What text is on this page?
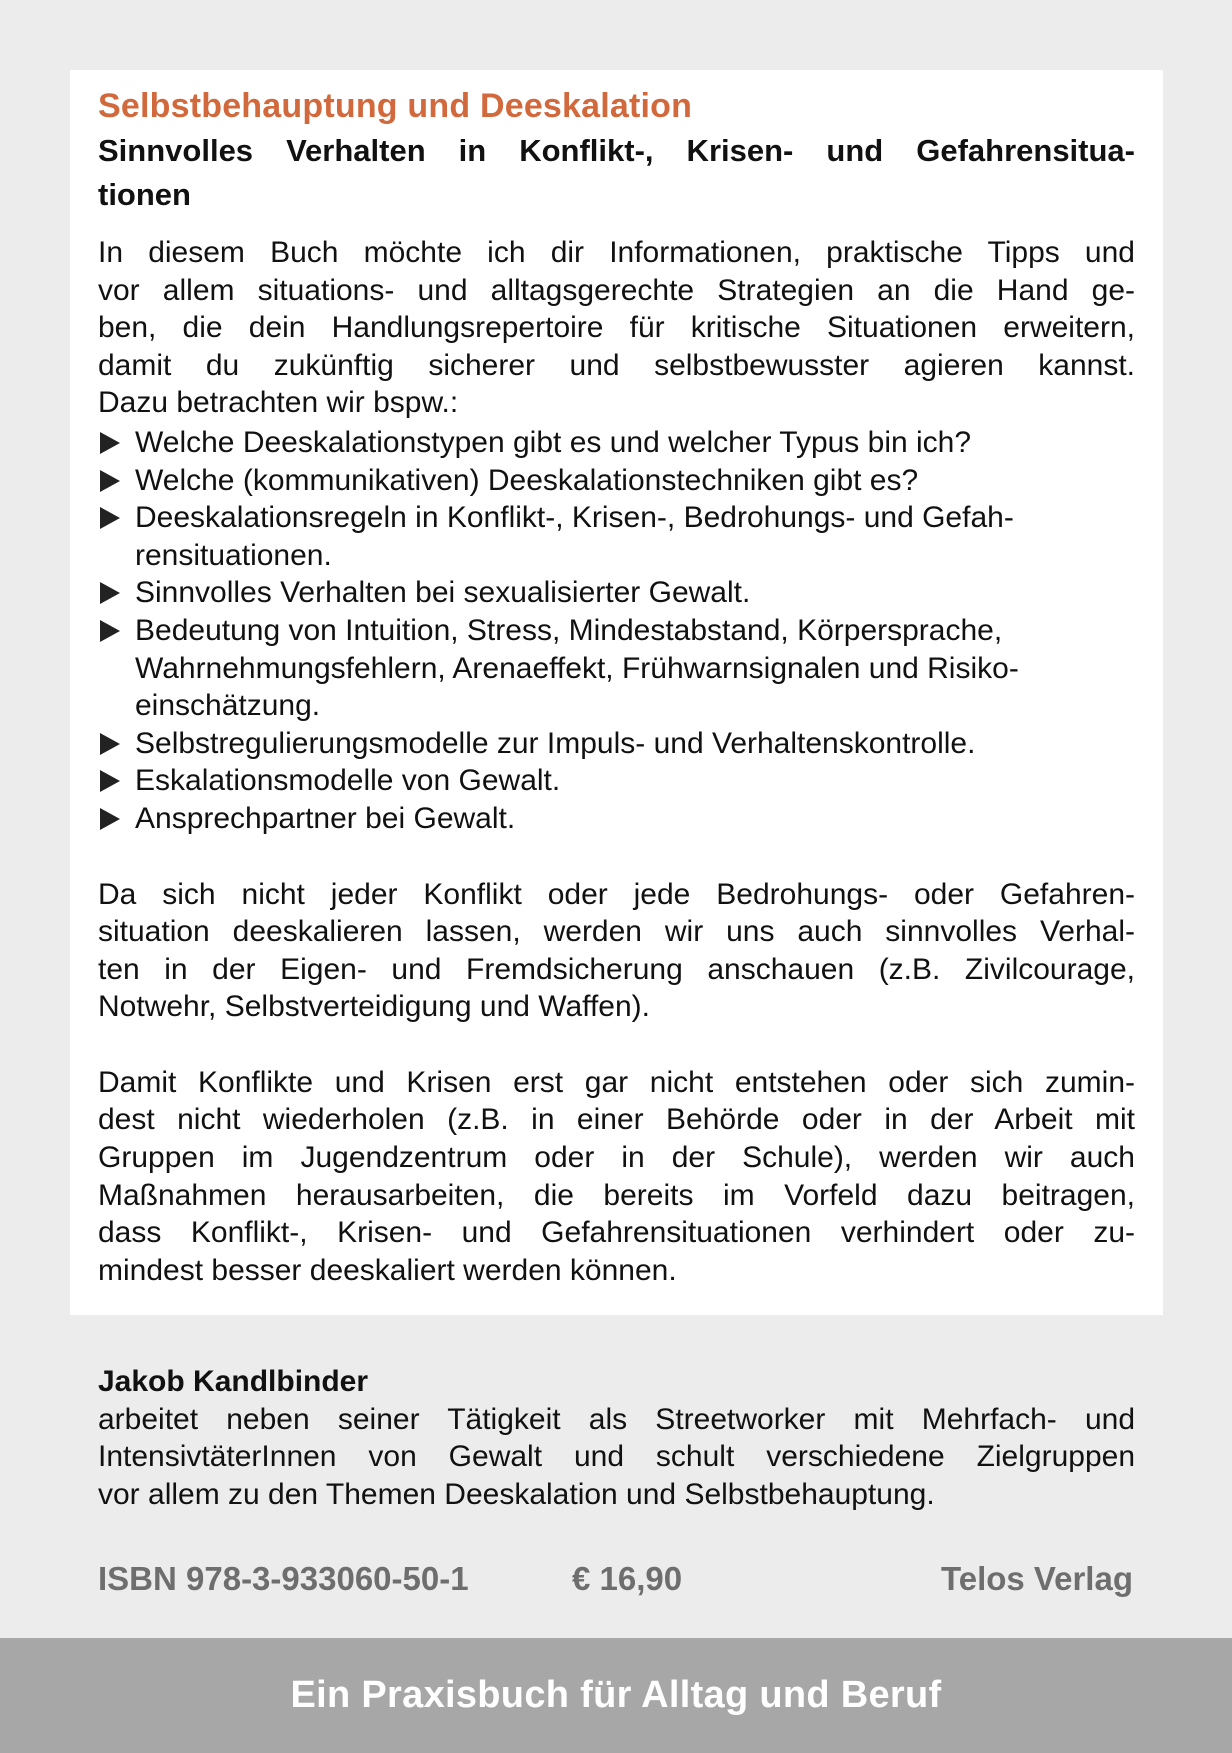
Selbstbehauptung und Deeskalation
Sinnvolles Verhalten in Konflikt-, Krisen- und Gefahrensitua-
tionen
In diesem Buch möchte ich dir Informationen, praktische Tipps und
vor allem situations- und alltagsgerechte Strategien an die Hand ge-
ben, die dein Handlungsrepertoire für kritische Situationen erweitern,
damit du zukünftig sicherer und selbstbewusster agieren kannst.
Dazu betrachten wir bspw.:
Welche Deeskalationstypen gibt es und welcher Typus bin ich?
Welche (kommunikativen) Deeskalationstechniken gibt es?
Deeskalationsregeln in Konflikt-, Krisen-, Bedrohungs- und Gefah-
rensituationen.
Sinnvolles Verhalten bei sexualisierter Gewalt.
Bedeutung von Intuition, Stress, Mindestabstand, Körpersprache,
Wahrnehmungsfehlern, Arenaeffekt, Frühwarnsignalen und Risiko-
einschätzung.
Selbstregulierungsmodelle zur Impuls- und Verhaltenskontrolle.
Eskalationsmodelle von Gewalt.
Ansprechpartner bei Gewalt.
Da sich nicht jeder Konflikt oder jede Bedrohungs- oder Gefahren-
situation deeskalieren lassen, werden wir uns auch sinnvolles Verhal-
ten in der Eigen- und Fremdsicherung anschauen (z.B. Zivilcourage,
Notwehr, Selbstverteidigung und Waffen).
Damit Konflikte und Krisen erst gar nicht entstehen oder sich zumin-
dest nicht wiederholen (z.B. in einer Behörde oder in der Arbeit mit
Gruppen im Jugendzentrum oder in der Schule), werden wir auch
Maßnahmen herausarbeiten, die bereits im Vorfeld dazu beitragen,
dass Konflikt-, Krisen- und Gefahrensituationen verhindert oder zu-
mindest besser deeskaliert werden können.
Jakob Kandlbinder
arbeitet neben seiner Tätigkeit als Streetworker mit Mehrfach- und
IntensivtäterInnen von Gewalt und schult verschiedene Zielgruppen
vor allem zu den Themen Deeskalation und Selbstbehauptung.
ISBN 978-3-933060-50-1	€ 16,90	Telos Verlag
Ein Praxisbuch für Alltag und Beruf
